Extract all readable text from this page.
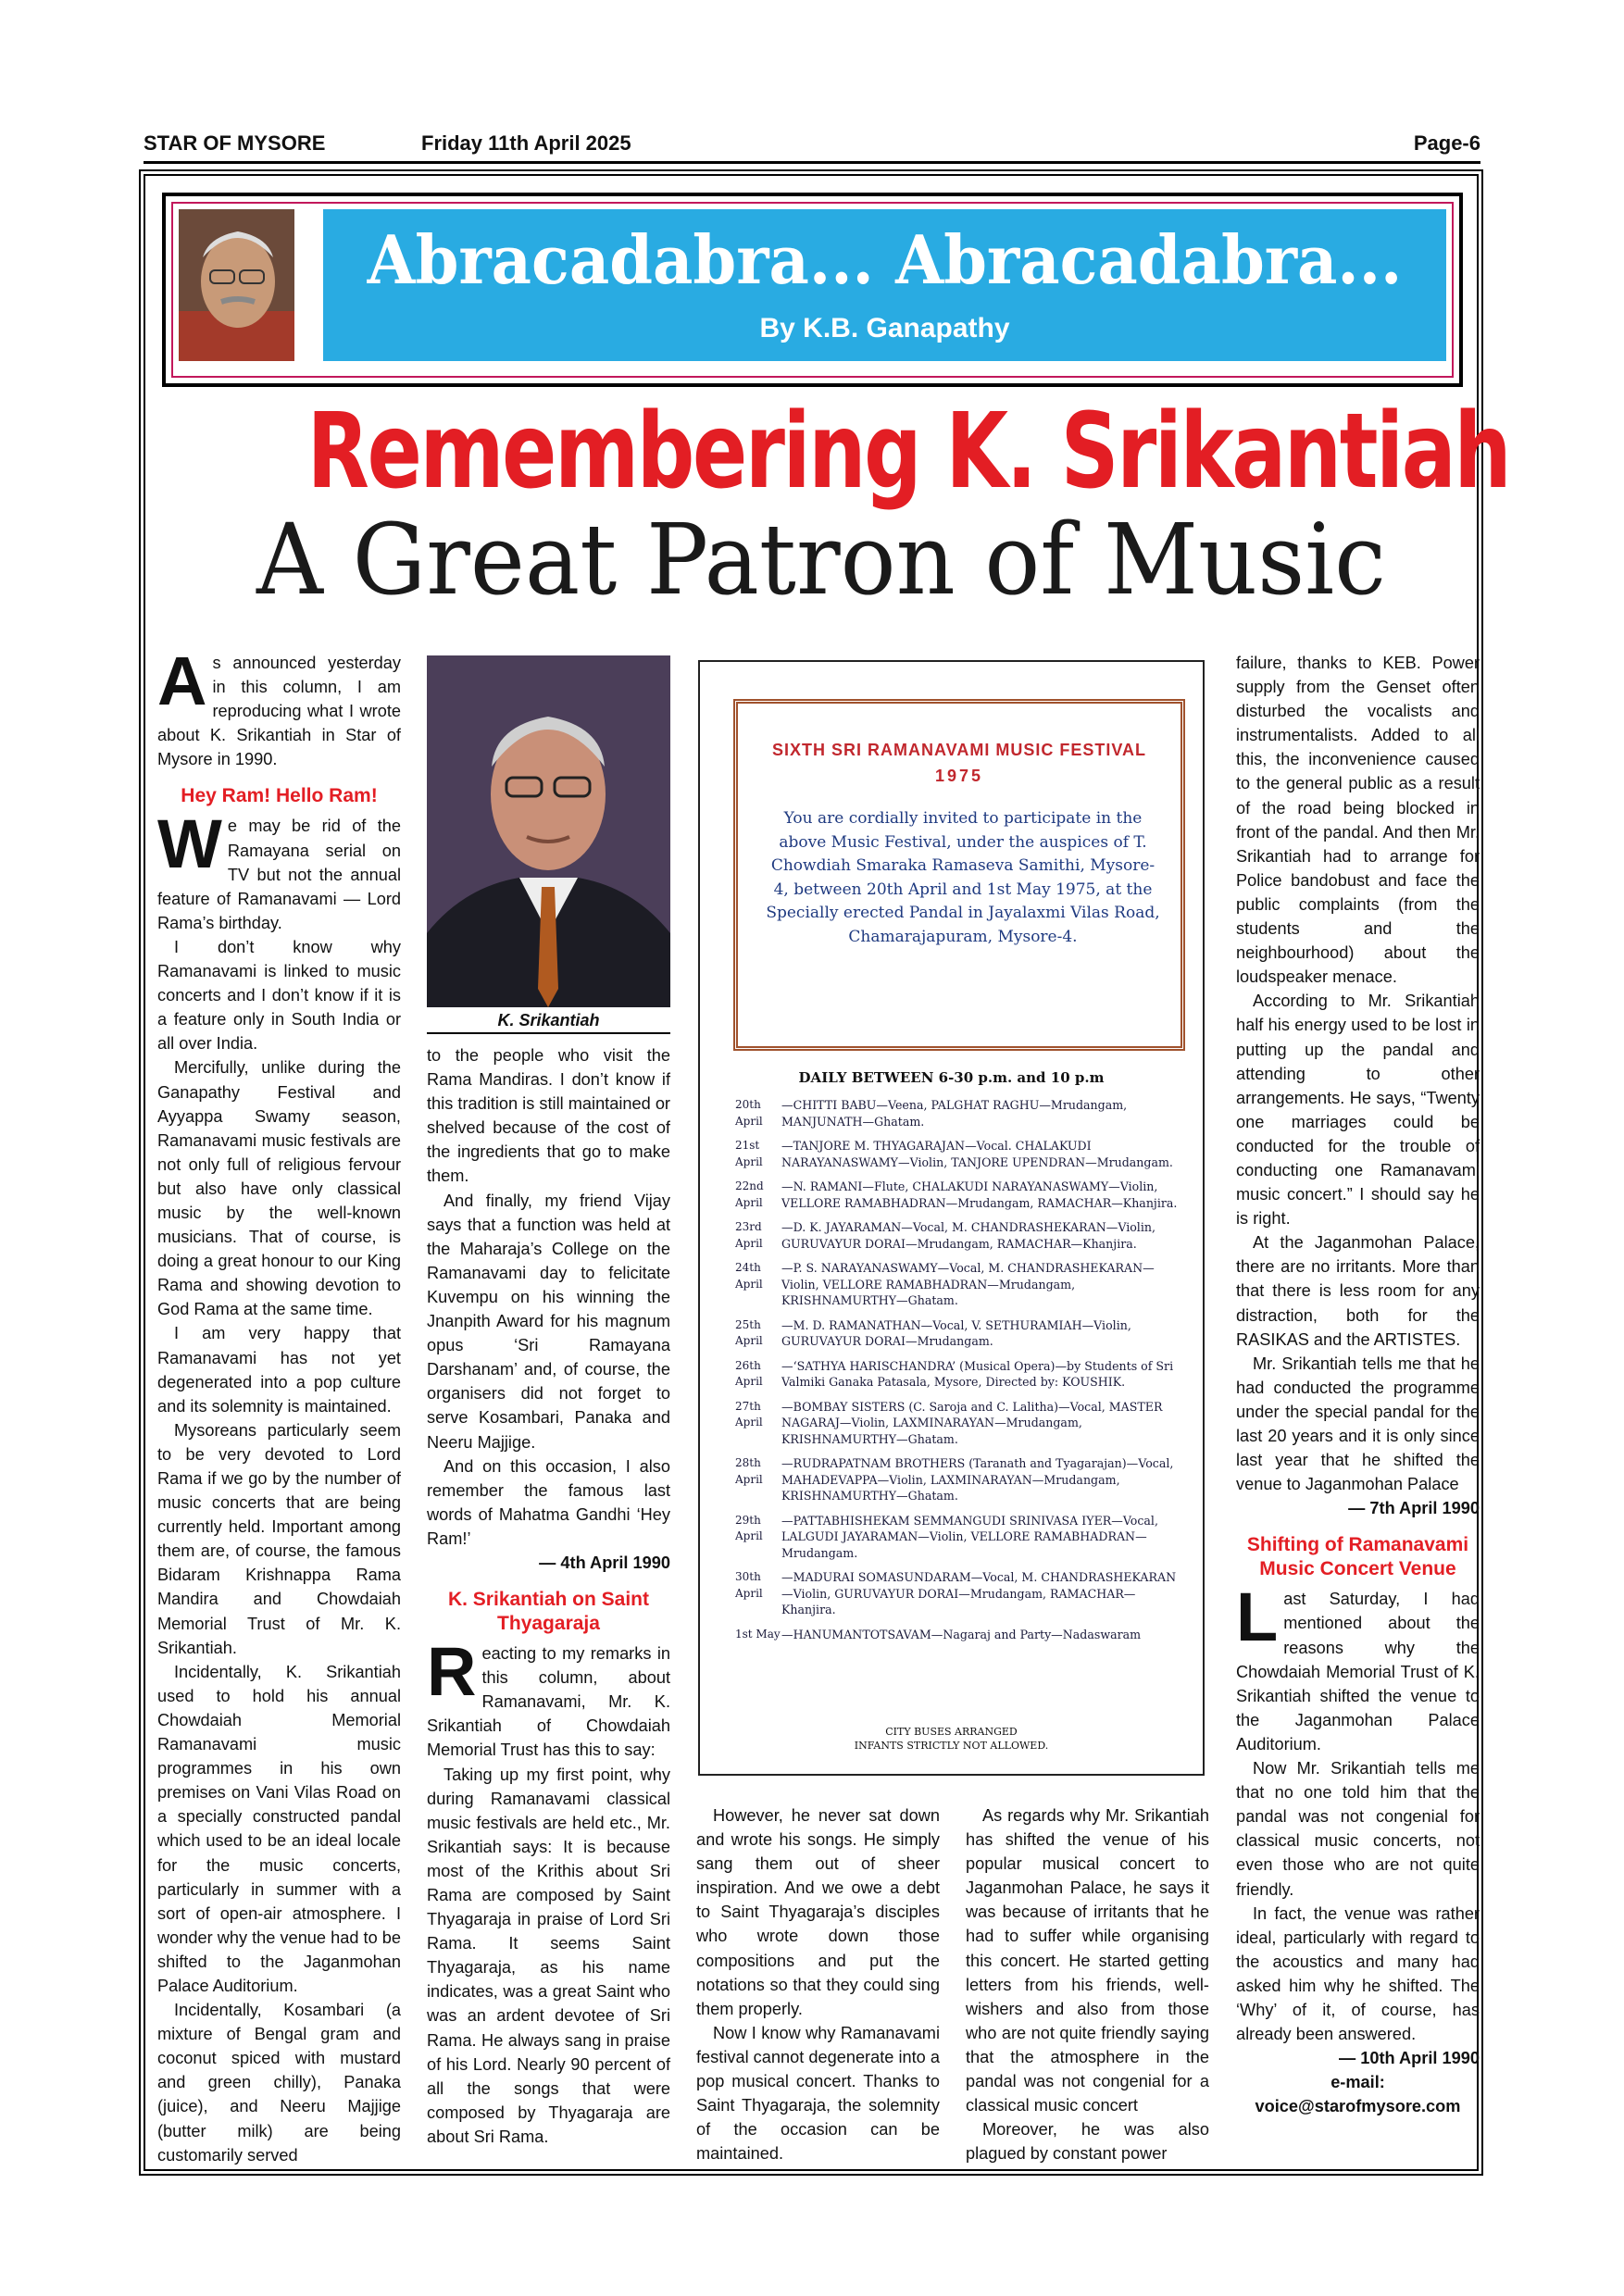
STAR OF MYSORE	Friday 11th April 2025	Page-6
Abracadabra... Abracadabra...
By K.B. Ganapathy
Remembering K. Srikantiah
A Great Patron of Music

As announced yesterday in this column, I am reproducing what I wrote about K. Srikantiah in Star of Mysore in 1990.

Hey Ram! Hello Ram!

We may be rid of the Ramayana serial on TV but not the annual feature of Ramanavami — Lord Rama’s birthday.

I don’t know why Ramanavami is linked to music concerts and I don’t know if it is a feature only in South India or all over India.

Mercifully, unlike during the Ganapathy Festival and Ayyappa Swamy season, Ramanavami music festivals are not only full of religious fervour but also have only classical music by the well-known musicians. That of course, is doing a great honour to our King Rama and showing devotion to God Rama at the same time.

I am very happy that Ramanavami has not yet degenerated into a pop culture and its solemnity is maintained.

Mysoreans particularly seem to be very devoted to Lord Rama if we go by the number of music concerts that are being currently held. Important among them are, of course, the famous Bidaram Krishnappa Rama Mandira and Chowdaiah Memorial Trust of Mr. K. Srikantiah.

Incidentally, K. Srikantiah used to hold his annual Chowdaiah Memorial Ramanavami music programmes in his own premises on Vani Vilas Road on a specially constructed pandal which used to be an ideal locale for the music concerts, particularly in summer with a sort of open-air atmosphere. I wonder why the venue had to be shifted to the Jaganmohan Palace Auditorium.

Incidentally, Kosambari (a mixture of Bengal gram and coconut spiced with mustard and green chilly), Panaka (juice), and Neeru Majjige (butter milk) are being customarily served

K. Srikantiah

to the people who visit the Rama Mandiras. I don’t know if this tradition is still maintained or shelved because of the cost of the ingredients that go to make them.

And finally, my friend Vijay says that a function was held at the Maharaja’s College on the Ramanavami day to felicitate Kuvempu on his winning the Jnanpith Award for his magnum opus ‘Sri Ramayana Darshanam’ and, of course, the organisers did not forget to serve Kosambari, Panaka and Neeru Majjige.

And on this occasion, I also remember the famous last words of Mahatma Gandhi ‘Hey Ram!’

— 4th April 1990

K. Srikantiah on Saint Thyagaraja

Reacting to my remarks in this column, about Ramanavami, Mr. K. Srikantiah of Chowdaiah Memorial Trust has this to say:

Taking up my first point, why during Ramanavami classical music festivals are held etc., Mr. Srikantiah says: It is because most of the Krithis about Sri Rama are composed by Saint Thyagaraja in praise of Lord Sri Rama. It seems Saint Thyagaraja, as his name indicates, was a great Saint who was an ardent devotee of Sri Rama. He always sang in praise of his Lord. Nearly 90 percent of all the songs that were composed by Thyagaraja are about Sri Rama.

SIXTH SRI RAMANAVAMI MUSIC FESTIVAL
1975
You are cordially invited to participate in the above Music Festival, under the auspices of T. Chowdiah Smaraka Ramaseva Samithi, Mysore-4, between 20th April and 1st May 1975, at the Specially erected Pandal in Jayalaxmi Vilas Road, Chamarajapuram, Mysore-4.
DAILY BETWEEN 6-30 p.m. and 10 p.m
20th April
—CHITTI BABU—Veena, PALGHAT RAGHU—Mrudangam, MANJUNATH—Ghatam.
21st April
—TANJORE M. THYAGARAJAN—Vocal. CHALAKUDI NARAYANASWAMY—Violin, TANJORE UPENDRAN—Mrudangam.
22nd April
—N. RAMANI—Flute, CHALAKUDI NARAYANASWAMY—Violin, VELLORE RAMABHADRAN—Mrudangam, RAMACHAR—Khanjira.
23rd April
—D. K. JAYARAMAN—Vocal, M. CHANDRASHEKARAN—Violin, GURUVAYUR DORAI—Mrudangam, RAMACHAR—Khanjira.
24th April
—P. S. NARAYANASWAMY—Vocal, M. CHANDRASHEKARAN—Violin, VELLORE RAMABHADRAN—Mrudangam, KRISHNAMURTHY—Ghatam.
25th April
—M. D. RAMANATHAN—Vocal, V. SETHURAMIAH—Violin, GURUVAYUR DORAI—Mrudangam.
26th April
—‘SATHYA HARISCHANDRA’ (Musical Opera)—by Students of Sri Valmiki Ganaka Patasala, Mysore, Directed by: KOUSHIK.
27th April
—BOMBAY SISTERS (C. Saroja and C. Lalitha)—Vocal, MASTER NAGARAJ—Violin, LAXMINARAYAN—Mrudangam, KRISHNAMURTHY—Ghatam.
28th April
—RUDRAPATNAM BROTHERS (Taranath and Tyagarajan)—Vocal, MAHADEVAPPA—Violin, LAXMINARAYAN—Mrudangam, KRISHNAMURTHY—Ghatam.
29th April
—PATTABHISHEKAM SEMMANGUDI SRINIVASA IYER—Vocal, LALGUDI JAYARAMAN—Violin, VELLORE RAMABHADRAN—Mrudangam.
30th April
—MADURAI SOMASUNDARAM—Vocal, M. CHANDRASHEKARAN—Violin, GURUVAYUR DORAI—Mrudangam, RAMACHAR—Khanjira.
1st May —HANUMANTOTSAVAM—Nagaraj and Party—Nadaswaram
CITY BUSES ARRANGED
INFANTS STRICTLY NOT ALLOWED.

However, he never sat down and wrote his songs. He simply sang them out of sheer inspiration. And we owe a debt to Saint Thyagaraja’s disciples who wrote down those compositions and put the notations so that they could sing them properly.

Now I know why Ramanavami festival cannot degenerate into a pop musical concert. Thanks to Saint Thyagaraja, the solemnity of the occasion can be maintained.

As regards why Mr. Srikantiah has shifted the venue of his popular musical concert to Jaganmohan Palace, he says it was because of irritants that he had to suffer while organising this concert. He started getting letters from his friends, well-wishers and also from those who are not quite friendly saying that the atmosphere in the pandal was not congenial for a classical music concert

Moreover, he was also plagued by constant power

failure, thanks to KEB. Power supply from the Genset often disturbed the vocalists and instrumentalists. Added to all this, the inconvenience caused to the general public as a result of the road being blocked in front of the pandal. And then Mr. Srikantiah had to arrange for Police bandobust and face the public complaints (from the students and the neighbourhood) about the loudspeaker menace.

According to Mr. Srikantiah half his energy used to be lost in putting up the pandal and attending to other arrangements. He says, “Twenty one marriages could be conducted for the trouble of conducting one Ramanavami music concert.” I should say he is right.

At the Jaganmohan Palace, there are no irritants. More than that there is less room for any distraction, both for the RASIKAS and the ARTISTES.

Mr. Srikantiah tells me that he had conducted the programme under the special pandal for the last 20 years and it is only since last year that he shifted the venue to Jaganmohan Palace

— 7th April 1990

Shifting of Ramanavami Music Concert Venue

Last Saturday, I had mentioned about the reasons why the Chowdaiah Memorial Trust of K. Srikantiah shifted the venue to the Jaganmohan Palace Auditorium.

Now Mr. Srikantiah tells me that no one told him that the pandal was not congenial for classical music concerts, not even those who are not quite friendly.

In fact, the venue was rather ideal, particularly with regard to the acoustics and many had asked him why he shifted. The ‘Why’ of it, of course, has already been answered.

— 10th April 1990

e-mail:

voice@starofmysore.com
